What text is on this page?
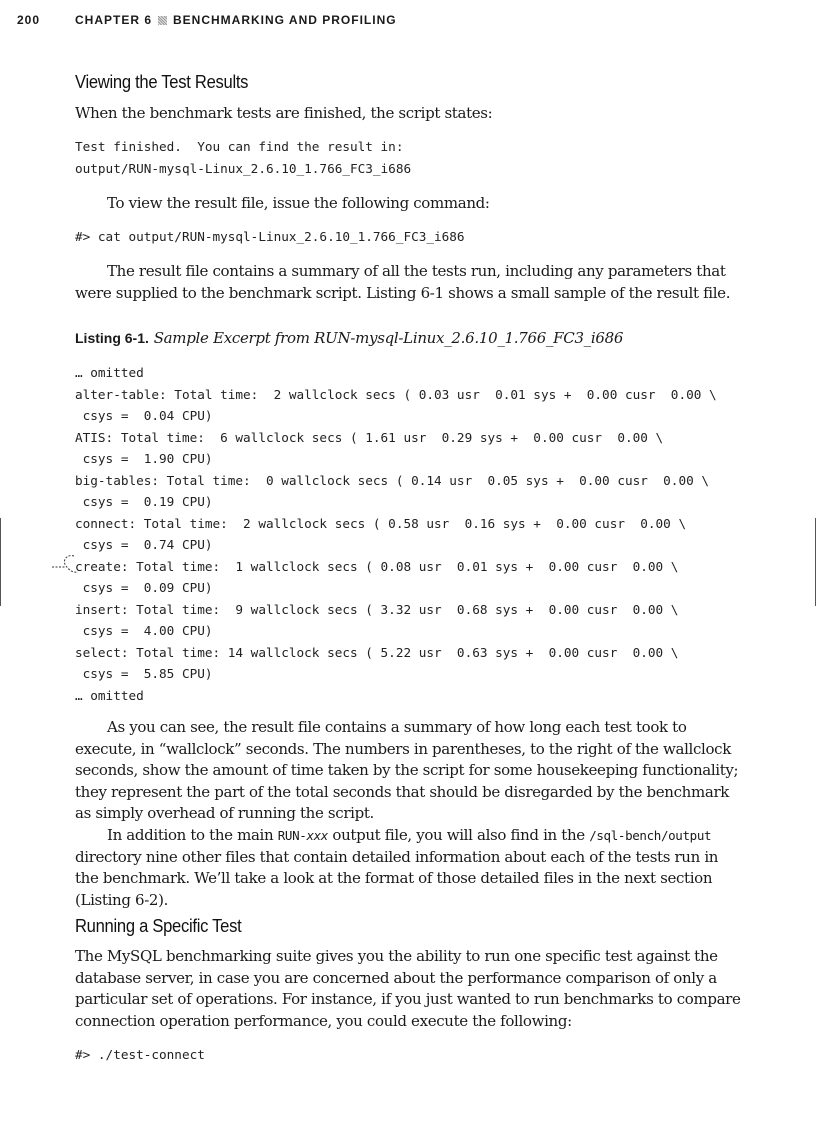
200	CHAPTER 6 BENCHMARKING AND PROFILING
Viewing the Test Results
When the benchmark tests are finished, the script states:
Test finished.  You can find the result in:
output/RUN-mysql-Linux_2.6.10_1.766_FC3_i686
To view the result file, issue the following command:
#> cat output/RUN-mysql-Linux_2.6.10_1.766_FC3_i686
The result file contains a summary of all the tests run, including any parameters that were supplied to the benchmark script. Listing 6-1 shows a small sample of the result file.
Listing 6-1. Sample Excerpt from RUN-mysql-Linux_2.6.10_1.766_FC3_i686
… omitted
alter-table: Total time:  2 wallclock secs ( 0.03 usr  0.01 sys +  0.00 cusr  0.00 \
csys =  0.04 CPU)
ATIS: Total time:  6 wallclock secs ( 1.61 usr  0.29 sys +  0.00 cusr  0.00 \
csys =  1.90 CPU)
big-tables: Total time:  0 wallclock secs ( 0.14 usr  0.05 sys +  0.00 cusr  0.00 \
csys =  0.19 CPU)
connect: Total time:  2 wallclock secs ( 0.58 usr  0.16 sys +  0.00 cusr  0.00 \
csys =  0.74 CPU)
create: Total time:  1 wallclock secs ( 0.08 usr  0.01 sys +  0.00 cusr  0.00 \
csys =  0.09 CPU)
insert: Total time:  9 wallclock secs ( 3.32 usr  0.68 sys +  0.00 cusr  0.00 \
csys =  4.00 CPU)
select: Total time: 14 wallclock secs ( 5.22 usr  0.63 sys +  0.00 cusr  0.00 \
csys =  5.85 CPU)
… omitted
As you can see, the result file contains a summary of how long each test took to execute, in “wallclock” seconds. The numbers in parentheses, to the right of the wallclock seconds, show the amount of time taken by the script for some housekeeping functionality; they represent the part of the total seconds that should be disregarded by the benchmark as simply overhead of running the script.
In addition to the main RUN-xxx output file, you will also find in the /sql-bench/output directory nine other files that contain detailed information about each of the tests run in the benchmark. We’ll take a look at the format of those detailed files in the next section (Listing 6-2).
Running a Specific Test
The MySQL benchmarking suite gives you the ability to run one specific test against the database server, in case you are concerned about the performance comparison of only a particular set of operations. For instance, if you just wanted to run benchmarks to compare connection operation performance, you could execute the following:
#> ./test-connect
